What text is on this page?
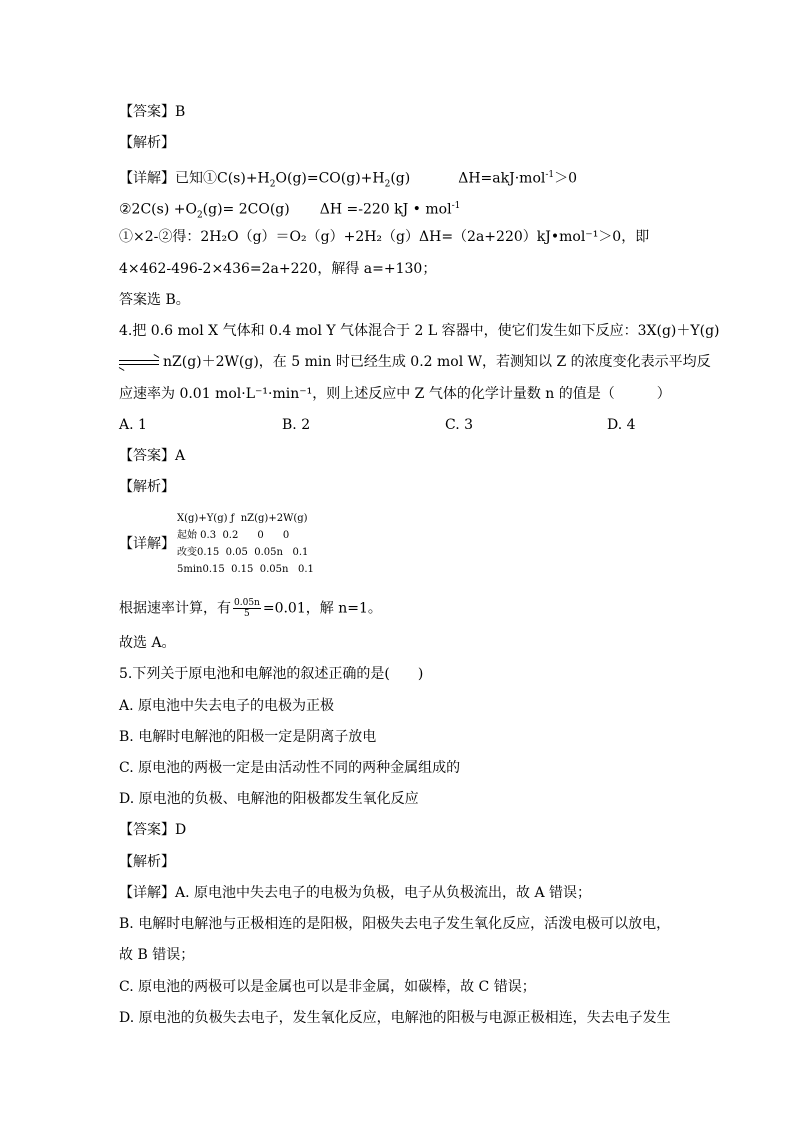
【答案】B
【解析】
【详解】已知$①C(s)+H_2O(g)=CO(g)+H_2(g)$	ΔH=akJ·mol$^{-1}$＞0
②2C(s) $+O_2(g)= 2CO(g)$ ΔH =-220 kJ • mol$^{-1}$
①×2-②得：2H₂O（g）＝O₂（g）+2H₂（g）ΔH=（2a+220）kJ•mol⁻¹＞0，即
4×462-496-2×436=2a+220，解得 a=+130；
答案选 B。
4.把 0.6 mol X 气体和 0.4 mol Y 气体混合于 2 L 容器中，使它们发生如下反应：3X(g)＋Y(g)
⇌ nZ(g)＋2W(g)，在 5 min 时已经生成 0.2 mol W，若测知以 Z 的浓度变化表示平均反
应速率为 0.01 mol·L⁻¹·min⁻¹，则上述反应中 Z 气体的化学计量数 n 的值是（　　　）
A. 1	B. 2	C. 3	D. 4
【答案】A
【解析】
【详解】
X(g)+Y(g) ƒ  nZ(g)+2W(g)
起始 0.3  0.2      0      0
改变0.15  0.05  0.05n   0.1
5min0.15  0.15  0.05n   0.1
根据速率计算，有 $\frac{0.05n}{5} =0.01$，解 n=1。
故选 A。
5.下列关于原电池和电解池的叙述正确的是(　　)
A. 原电池中失去电子的电极为正极
B. 电解时电解池的阳极一定是阴离子放电
C. 原电池的两极一定是由活动性不同的两种金属组成的
D. 原电池的负极、电解池的阳极都发生氧化反应
【答案】D
【解析】
【详解】A. 原电池中失去电子的电极为负极，电子从负极流出，故 A 错误；
B. 电解时电解池与正极相连的是阳极，阳极失去电子发生氧化反应，活泼电极可以放电，
故 B 错误；
C. 原电池的两极可以是金属也可以是非金属，如碳棒，故 C 错误；
D. 原电池的负极失去电子，发生氧化反应，电解池的阳极与电源正极相连，失去电子发生
